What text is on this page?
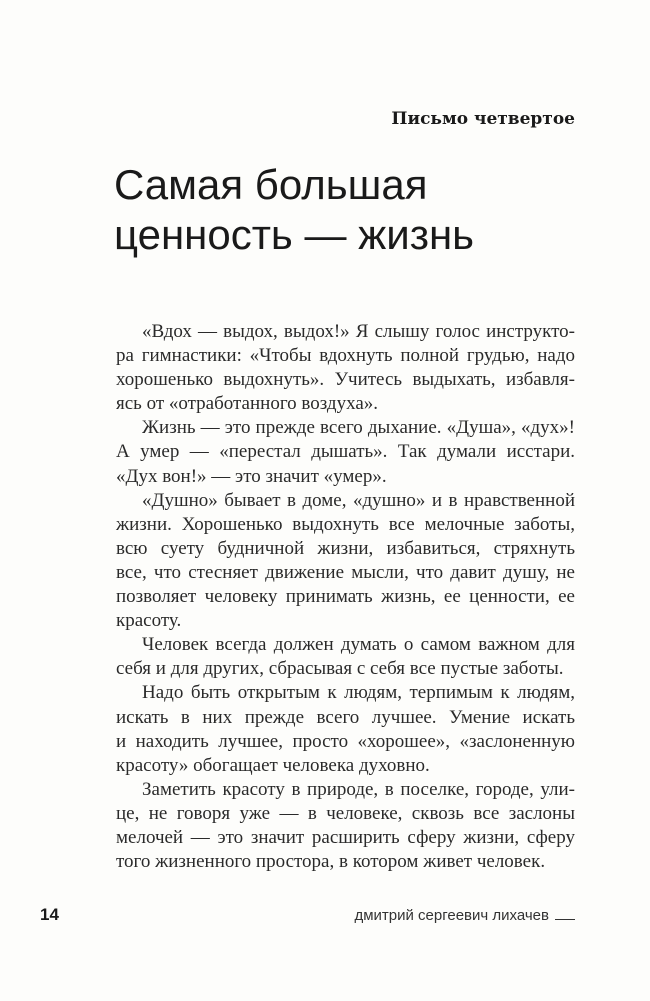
Письмо четвертое
Самая большая
ценность — жизнь
«Вдох — выдох, выдох!» Я слышу голос инструкто-
ра гимнастики: «Чтобы вдохнуть полной грудью, надо
хорошенько выдохнуть». Учитесь выдыхать, избавля-
ясь от «отработанного воздуха».
Жизнь — это прежде всего дыхание. «Душа», «дух»!
А умер — «перестал дышать». Так думали исстари.
«Дух вон!» — это значит «умер».
«Душно» бывает в доме, «душно» и в нравственной
жизни. Хорошенько выдохнуть все мелочные заботы,
всю суету будничной жизни, избавиться, стряхнуть
все, что стесняет движение мысли, что давит душу, не
позволяет человеку принимать жизнь, ее ценности, ее
красоту.
Человек всегда должен думать о самом важном для
себя и для других, сбрасывая с себя все пустые заботы.
Надо быть открытым к людям, терпимым к людям,
искать в них прежде всего лучшее. Умение искать
и находить лучшее, просто «хорошее», «заслоненную
красоту» обогащает человека духовно.
Заметить красоту в природе, в поселке, городе, ули-
це, не говоря уже — в человеке, сквозь все заслоны
мелочей — это значит расширить сферу жизни, сферу
того жизненного простора, в котором живет человек.
14	дмитрий сергеевич лихачев
